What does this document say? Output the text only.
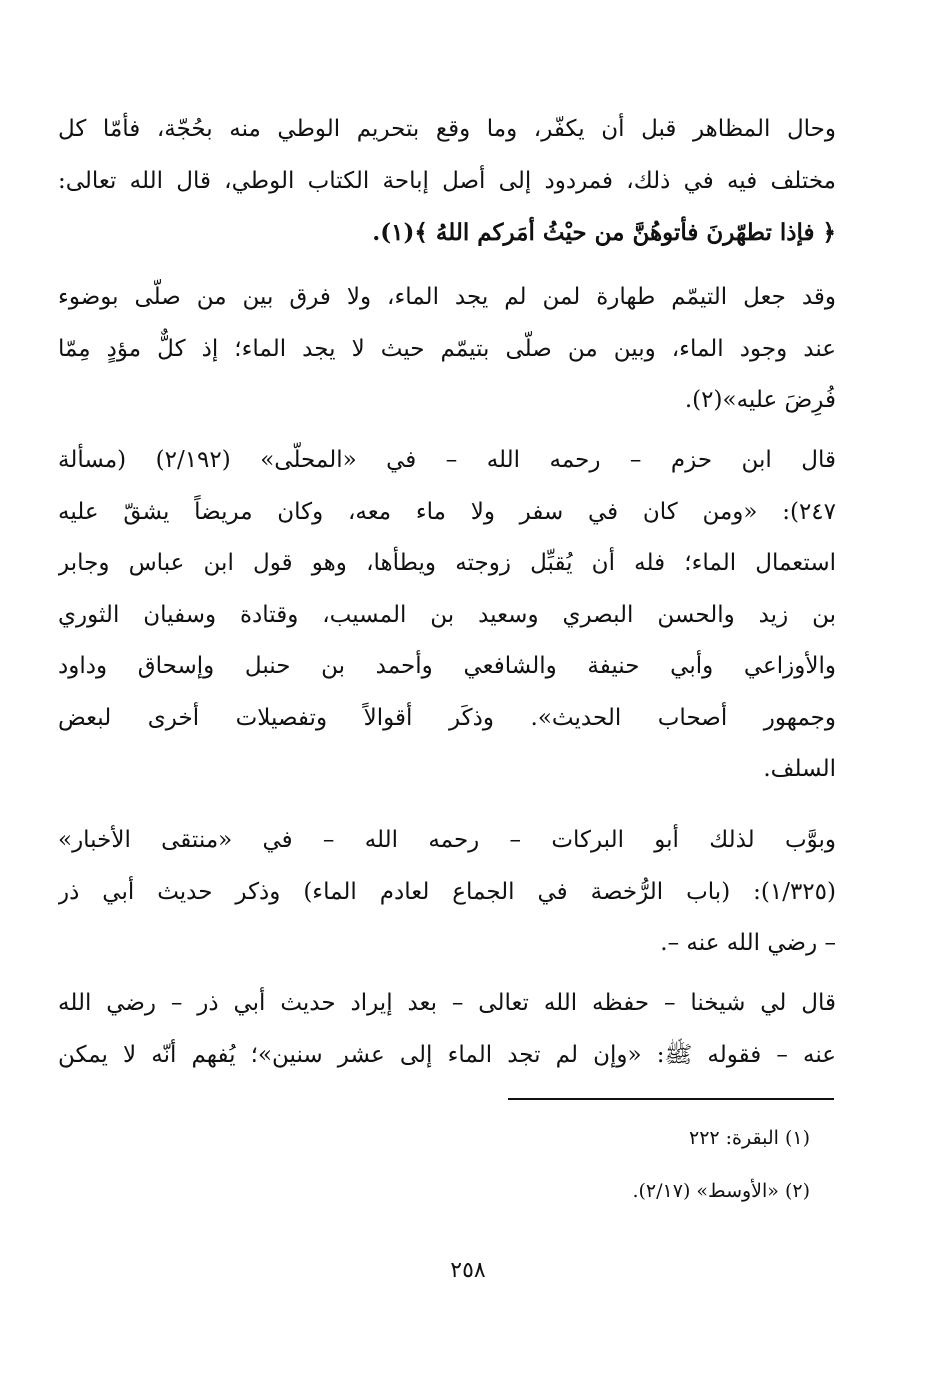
وحال المظاهر قبل أن يكفّر، وما وقع بتحريم الوطي منه بحُجّة، فأمّا كل
مختلف فيه في ذلك، فمردود إلى أصل إباحة الكتاب الوطي، قال الله تعالى:
﴿ فإذا تطهّرنَ فأتوهُنَّ من حيْثُ أمَركم اللهُ ﴾(١).
وقد جعل التيمّم طهارة لمن لم يجد الماء، ولا فرق بين من صلّى بوضوء
عند وجود الماء، وبين من صلّى بتيمّم حيث لا يجد الماء؛ إذ كلٌّ مؤدٍ مِمّا
فُرِضَ عليه»(٢).
قال ابن حزم – رحمه الله – في «المحلّى» (٢/١٩٢) (مسألة
٢٤٧): «ومن كان في سفر ولا ماء معه، وكان مريضاً يشقّ عليه
استعمال الماء؛ فله أن يُقبِّل زوجته ويطأها، وهو قول ابن عباس وجابر
بن زيد والحسن البصري وسعيد بن المسيب، وقتادة وسفيان الثوري
والأوزاعي وأبي حنيفة والشافعي وأحمد بن حنبل وإسحاق وداود
وجمهور أصحاب الحديث». وذكَر أقوالاً وتفصيلات أخرى لبعض
السلف.
وبوَّب لذلك أبو البركات – رحمه الله – في «منتقى الأخبار»
(١/٣٢٥): (باب الرُّخصة في الجماع لعادم الماء) وذكر حديث أبي ذر
– رضي الله عنه –.
قال لي شيخنا – حفظه الله تعالى – بعد إيراد حديث أبي ذر – رضي الله
عنه – فقوله ﷺ: «وإن لم تجد الماء إلى عشر سنين»؛ يُفهم أنّه لا يمكن
(١) البقرة: ٢٢٢
(٢) «الأوسط» (٢/١٧).
٢٥٨
